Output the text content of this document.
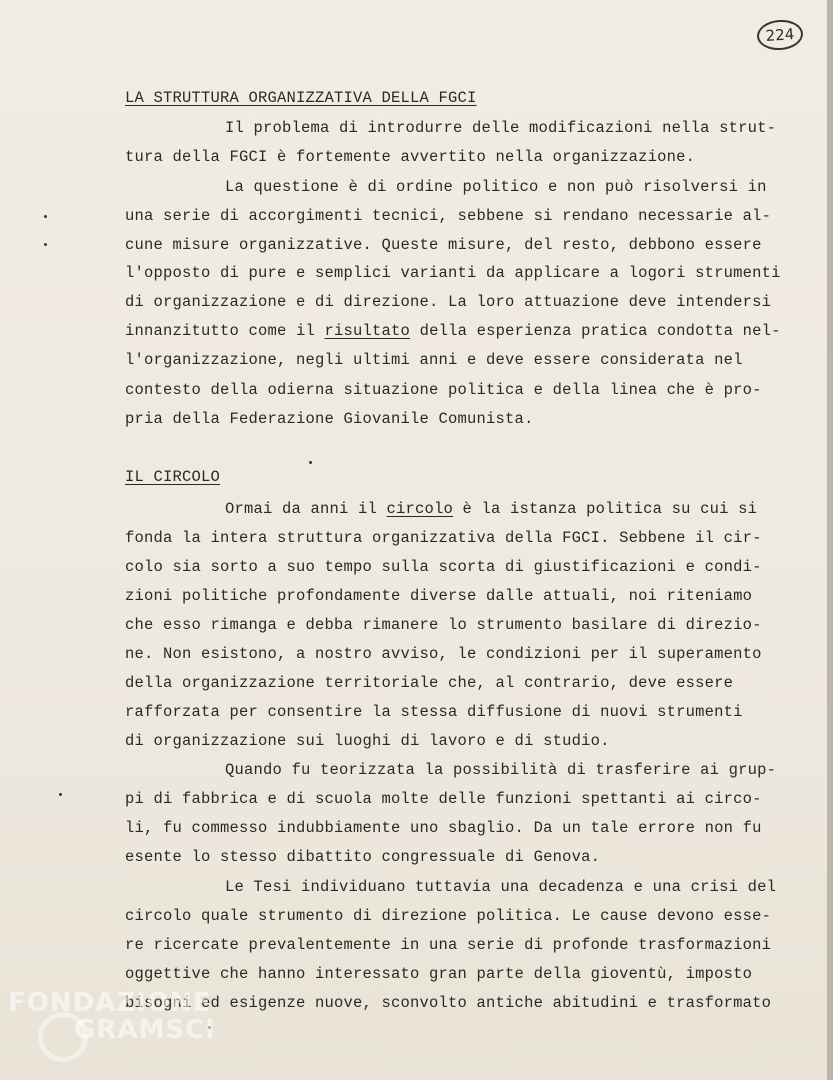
224
LA STRUTTURA ORGANIZZATIVA DELLA FGCI
Il problema di introdurre delle modificazioni nella strut-
tura della FGCI è fortemente avvertito nella organizzazione.
La questione è di ordine politico e non può risolversi in
una serie di accorgimenti tecnici, sebbene si rendano necessarie al-
cune misure organizzative. Queste misure, del resto, debbono essere
l'opposto di pure e semplici varianti da applicare a logori strumenti
di organizzazione e di direzione. La loro attuazione deve intendersi
innanzitutto come il risultato della esperienza pratica condotta nel-
l'organizzazione, negli ultimi anni e deve essere considerata nel
contesto della odierna situazione politica e della linea che è pro-
pria della Federazione Giovanile Comunista.
IL CIRCOLO
Ormai da anni il circolo è la istanza politica su cui si
fonda la intera struttura organizzativa della FGCI. Sebbene il cir-
colo sia sorto a suo tempo sulla scorta di giustificazioni e condi-
zioni politiche profondamente diverse dalle attuali, noi riteniamo
che esso rimanga e debba rimanere lo strumento basilare di direzio-
ne. Non esistono, a nostro avviso, le condizioni per il superamento
della organizzazione territoriale che, al contrario, deve essere
rafforzata per consentire la stessa diffusione di nuovi strumenti
di organizzazione sui luoghi di lavoro e di studio.
Quando fu teorizzata la possibilità di trasferire ai grup-
pi di fabbrica e di scuola molte delle funzioni spettanti ai circo-
li, fu commesso indubbiamente uno sbaglio. Da un tale errore non fu
esente lo stesso dibattito congressuale di Genova.
Le Tesi individuano tuttavia una decadenza e una crisi del
circolo quale strumento di direzione politica. Le cause devono esse-
re ricercate prevalentemente in una serie di profonde trasformazioni
oggettive che hanno interessato gran parte della gioventù, imposto
bisogni ed esigenze nuove, sconvolto antiche abitudini e trasformato
FONDAZIONE
GRAMSCI
